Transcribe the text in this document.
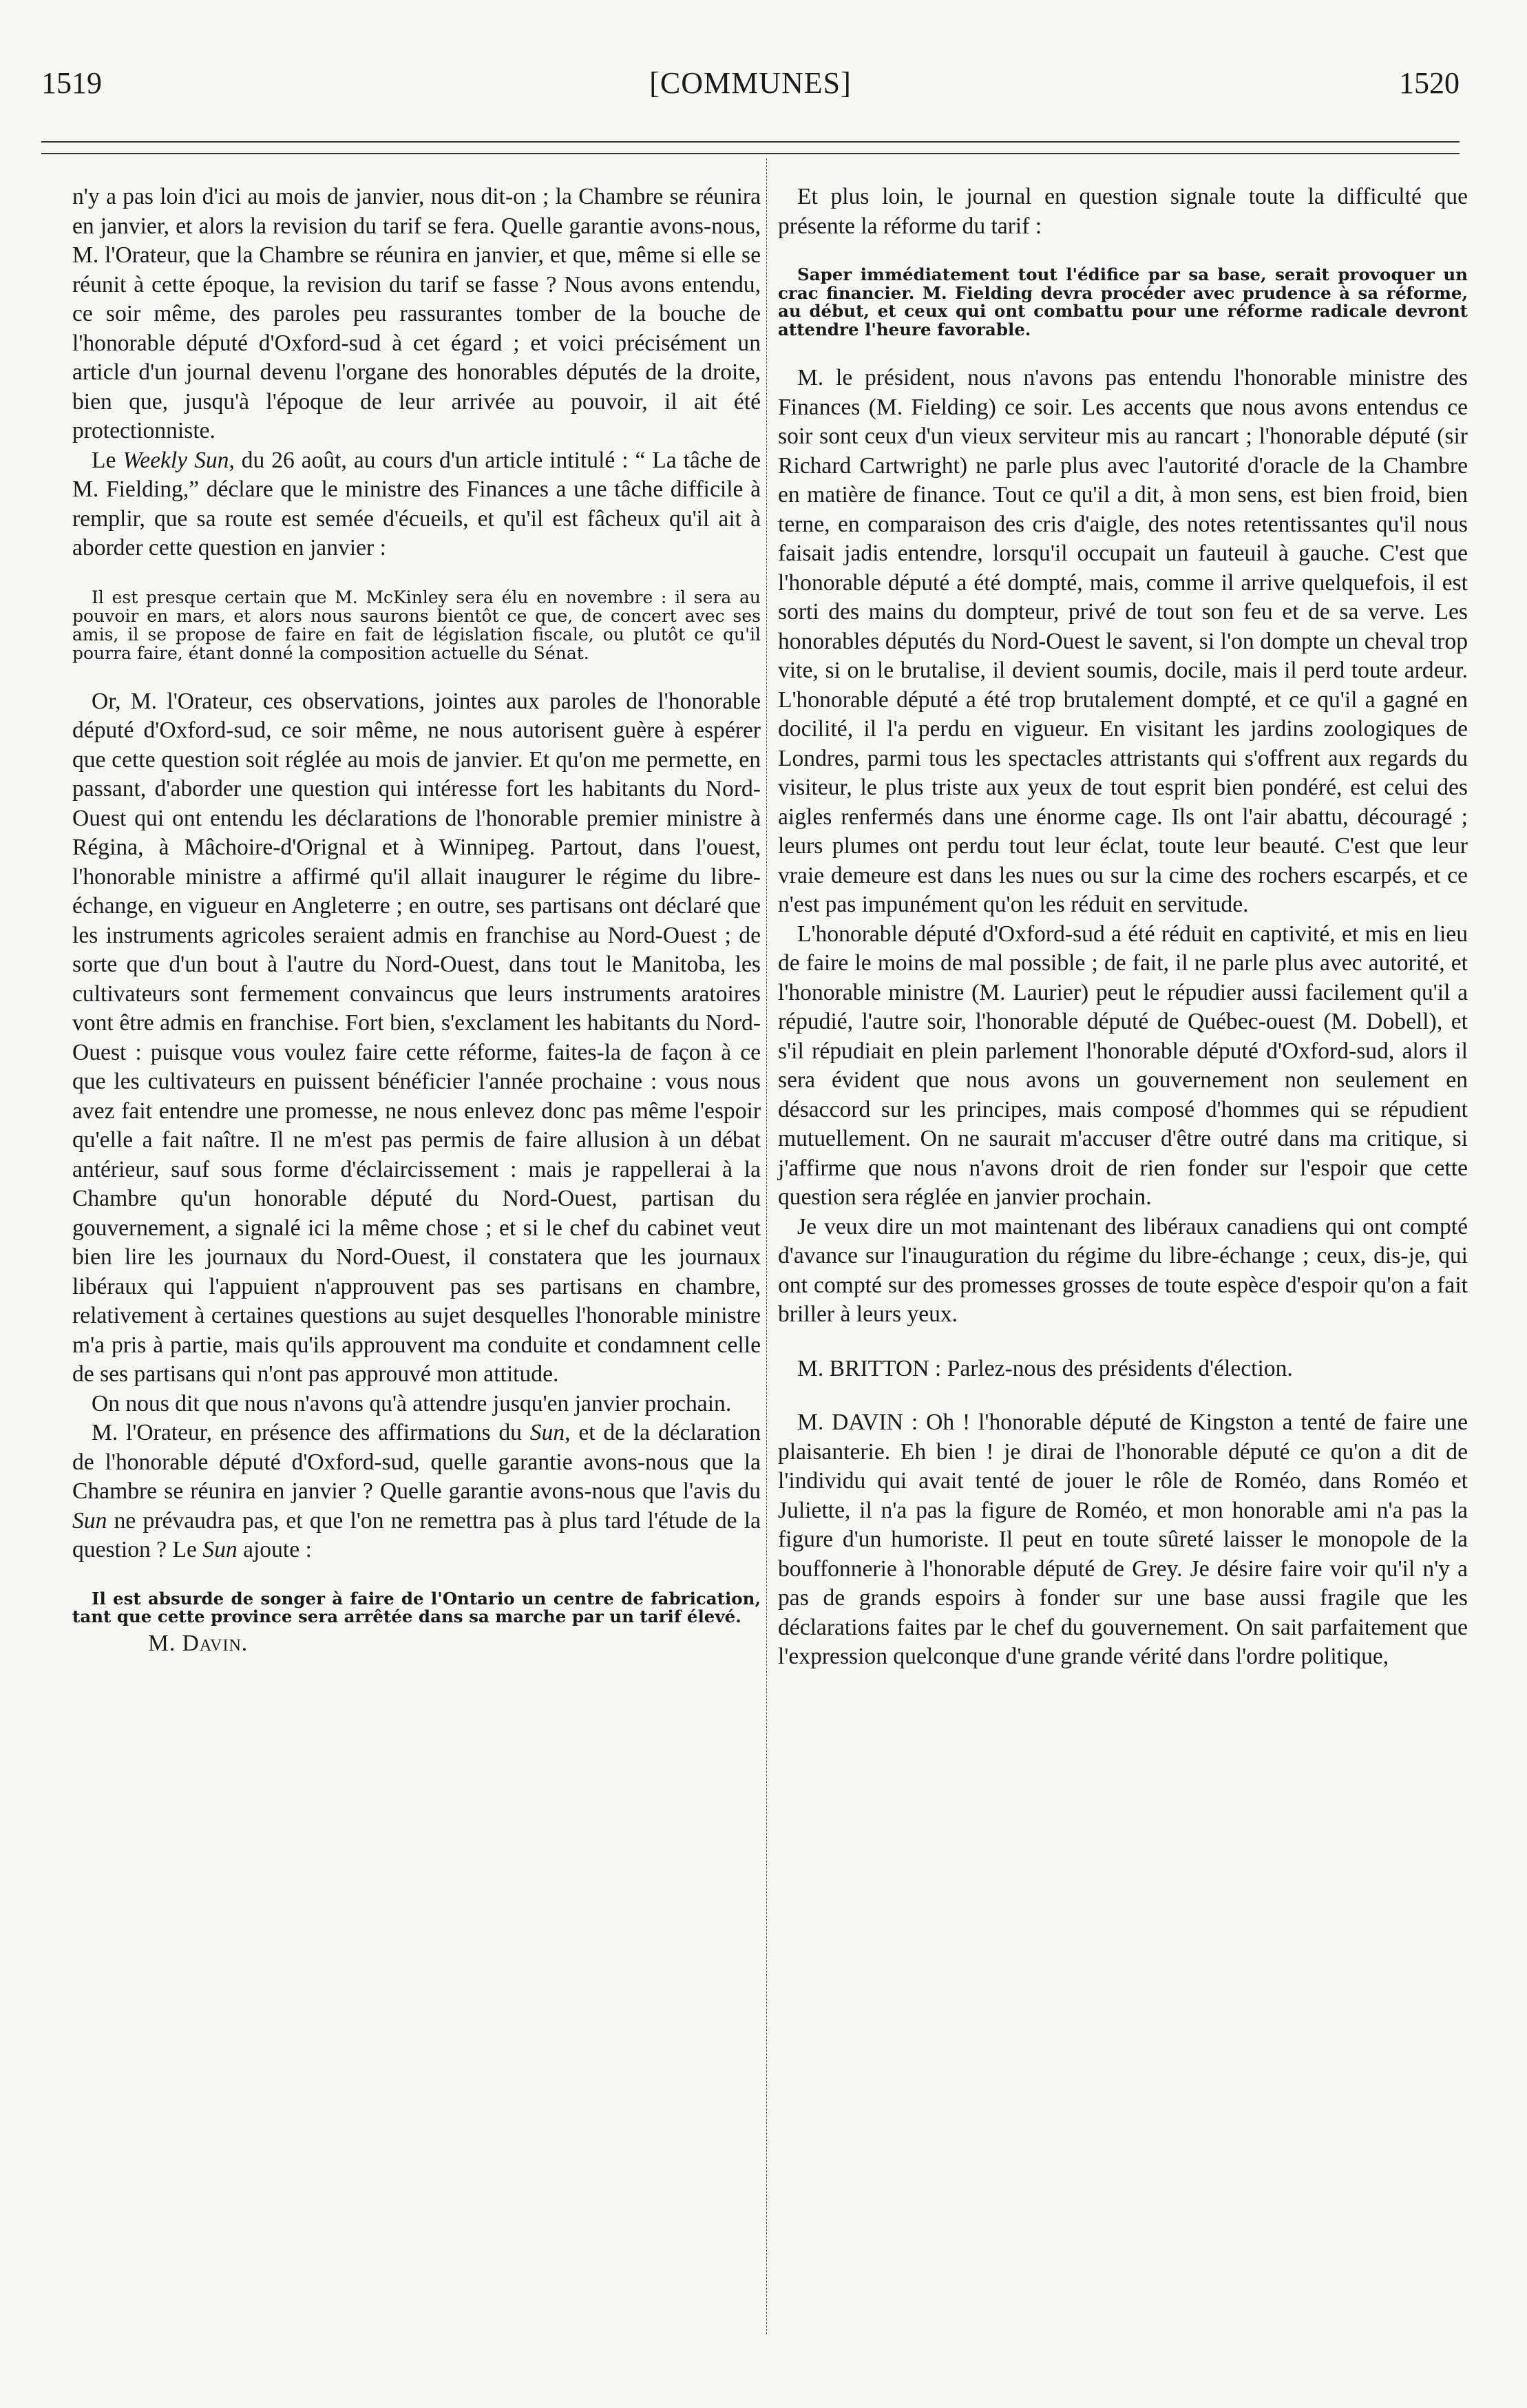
1519	[COMMUNES]	1520

n'y a pas loin d'ici au mois de janvier, nous dit-on ; la Chambre se réunira en janvier, et alors la revision du tarif se fera. Quelle garantie avons-nous, M. l'Orateur, que la Chambre se réunira en janvier, et que, même si elle se réunit à cette époque, la revision du tarif se fasse ? Nous avons entendu, ce soir même, des paroles peu rassurantes tomber de la bouche de l'honorable député d'Oxford-sud à cet égard ; et voici précisément un article d'un journal devenu l'organe des honorables députés de la droite, bien que, jusqu'à l'époque de leur arrivée au pouvoir, il ait été protectionniste.

Le Weekly Sun, du 26 août, au cours d'un article intitulé : “ La tâche de M. Fielding,” déclare que le ministre des Finances a une tâche difficile à remplir, que sa route est semée d'écueils, et qu'il est fâcheux qu'il ait à aborder cette question en janvier :

Il est presque certain que M. McKinley sera élu en novembre : il sera au pouvoir en mars, et alors nous saurons bientôt ce que, de concert avec ses amis, il se propose de faire en fait de législation fiscale, ou plutôt ce qu'il pourra faire, étant donné la composition actuelle du Sénat.

Or, M. l'Orateur, ces observations, jointes aux paroles de l'honorable député d'Oxford-sud, ce soir même, ne nous autorisent guère à espérer que cette question soit réglée au mois de janvier. Et qu'on me permette, en passant, d'aborder une question qui intéresse fort les habitants du Nord-Ouest qui ont entendu les déclarations de l'honorable premier ministre à Régina, à Mâchoire-d'Orignal et à Winnipeg. Partout, dans l'ouest, l'honorable ministre a affirmé qu'il allait inaugurer le régime du libre-échange, en vigueur en Angleterre ; en outre, ses partisans ont déclaré que les instruments agricoles seraient admis en franchise au Nord-Ouest ; de sorte que d'un bout à l'autre du Nord-Ouest, dans tout le Manitoba, les cultivateurs sont fermement convaincus que leurs instruments aratoires vont être admis en franchise. Fort bien, s'exclament les habitants du Nord-Ouest : puisque vous voulez faire cette réforme, faites-la de façon à ce que les cultivateurs en puissent bénéficier l'année prochaine : vous nous avez fait entendre une promesse, ne nous enlevez donc pas même l'espoir qu'elle a fait naître. Il ne m'est pas permis de faire allusion à un débat antérieur, sauf sous forme d'éclaircissement : mais je rappellerai à la Chambre qu'un honorable député du Nord-Ouest, partisan du gouvernement, a signalé ici la même chose ; et si le chef du cabinet veut bien lire les journaux du Nord-Ouest, il constatera que les journaux libéraux qui l'appuient n'approuvent pas ses partisans en chambre, relativement à certaines questions au sujet desquelles l'honorable ministre m'a pris à partie, mais qu'ils approuvent ma conduite et condamnent celle de ses partisans qui n'ont pas approuvé mon attitude.

On nous dit que nous n'avons qu'à attendre jusqu'en janvier prochain.

M. l'Orateur, en présence des affirmations du Sun, et de la déclaration de l'honorable député d'Oxford-sud, quelle garantie avons-nous que la Chambre se réunira en janvier ? Quelle garantie avons-nous que l'avis du Sun ne prévaudra pas, et que l'on ne remettra pas à plus tard l'étude de la question ? Le Sun ajoute :

Il est absurde de songer à faire de l'Ontario un centre de fabrication, tant que cette province sera arrêtée dans sa marche par un tarif élevé.

M. Davin.

Et plus loin, le journal en question signale toute la difficulté que présente la réforme du tarif :

Saper immédiatement tout l'édifice par sa base, serait provoquer un crac financier. M. Fielding devra procéder avec prudence à sa réforme, au début, et ceux qui ont combattu pour une réforme radicale devront attendre l'heure favorable.

M. le président, nous n'avons pas entendu l'honorable ministre des Finances (M. Fielding) ce soir. Les accents que nous avons entendus ce soir sont ceux d'un vieux serviteur mis au rancart ; l'honorable député (sir Richard Cartwright) ne parle plus avec l'autorité d'oracle de la Chambre en matière de finance. Tout ce qu'il a dit, à mon sens, est bien froid, bien terne, en comparaison des cris d'aigle, des notes retentissantes qu'il nous faisait jadis entendre, lorsqu'il occupait un fauteuil à gauche. C'est que l'honorable député a été dompté, mais, comme il arrive quelquefois, il est sorti des mains du dompteur, privé de tout son feu et de sa verve. Les honorables députés du Nord-Ouest le savent, si l'on dompte un cheval trop vite, si on le brutalise, il devient soumis, docile, mais il perd toute ardeur. L'honorable député a été trop brutalement dompté, et ce qu'il a gagné en docilité, il l'a perdu en vigueur. En visitant les jardins zoologiques de Londres, parmi tous les spectacles attristants qui s'offrent aux regards du visiteur, le plus triste aux yeux de tout esprit bien pondéré, est celui des aigles renfermés dans une énorme cage. Ils ont l'air abattu, découragé ; leurs plumes ont perdu tout leur éclat, toute leur beauté. C'est que leur vraie demeure est dans les nues ou sur la cime des rochers escarpés, et ce n'est pas impunément qu'on les réduit en servitude.

L'honorable député d'Oxford-sud a été réduit en captivité, et mis en lieu de faire le moins de mal possible ; de fait, il ne parle plus avec autorité, et l'honorable ministre (M. Laurier) peut le répudier aussi facilement qu'il a répudié, l'autre soir, l'honorable député de Québec-ouest (M. Dobell), et s'il répudiait en plein parlement l'honorable député d'Oxford-sud, alors il sera évident que nous avons un gouvernement non seulement en désaccord sur les principes, mais composé d'hommes qui se répudient mutuellement. On ne saurait m'accuser d'être outré dans ma critique, si j'affirme que nous n'avons droit de rien fonder sur l'espoir que cette question sera réglée en janvier prochain.

Je veux dire un mot maintenant des libéraux canadiens qui ont compté d'avance sur l'inauguration du régime du libre-échange ; ceux, dis-je, qui ont compté sur des promesses grosses de toute espèce d'espoir qu'on a fait briller à leurs yeux.

M. BRITTON : Parlez-nous des présidents d'élection.

M. DAVIN : Oh ! l'honorable député de Kingston a tenté de faire une plaisanterie. Eh bien ! je dirai de l'honorable député ce qu'on a dit de l'individu qui avait tenté de jouer le rôle de Roméo, dans Roméo et Juliette, il n'a pas la figure de Roméo, et mon honorable ami n'a pas la figure d'un humoriste. Il peut en toute sûreté laisser le monopole de la bouffonnerie à l'honorable député de Grey. Je désire faire voir qu'il n'y a pas de grands espoirs à fonder sur une base aussi fragile que les déclarations faites par le chef du gouvernement. On sait parfaitement que l'expression quelconque d'une grande vérité dans l'ordre politique,
